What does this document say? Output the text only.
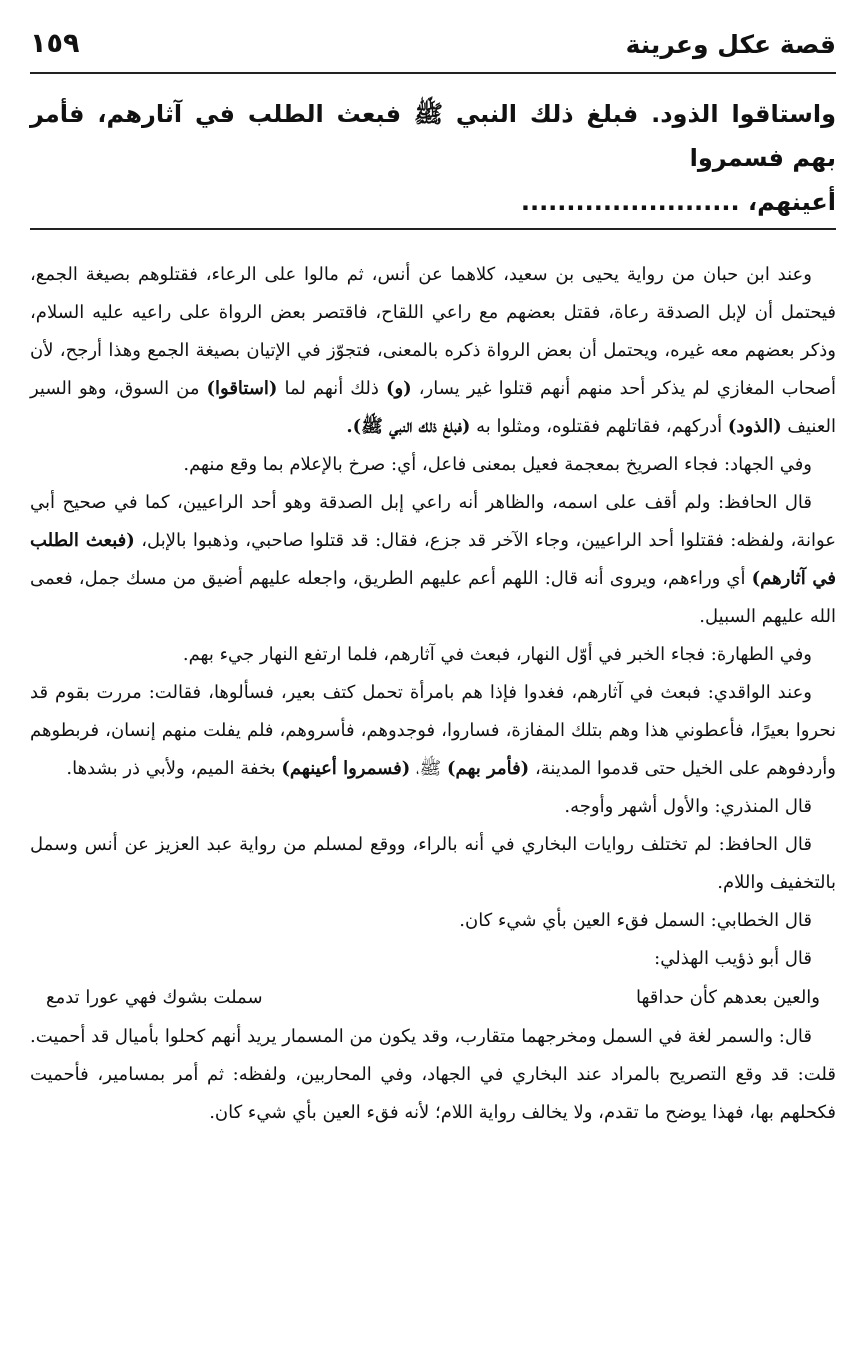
قصة عكل وعرينة
١٥٩
واستاقوا الذود. فبلغ ذلك النبي ﷺ فبعث الطلب في آثارهم، فأمر بهم فسمروا
أعينهم، ........................

وعند ابن حبان من رواية يحيى بن سعيد، كلاهما عن أنس، ثم مالوا على الرعاء، فقتلوهم بصيغة الجمع، فيحتمل أن لإبل الصدقة رعاة، فقتل بعضهم مع راعي اللقاح، فاقتصر بعض الرواة على راعيه عليه السلام، وذكر بعضهم معه غيره، ويحتمل أن بعض الرواة ذكره بالمعنى، فتجوّز في الإتيان بصيغة الجمع وهذا أرجح، لأن أصحاب المغازي لم يذكر أحد منهم أنهم قتلوا غير يسار، (و) ذلك أنهم لما (استاقوا) من السوق، وهو السير العنيف (الذود) أدركهم، فقاتلهم فقتلوه، ومثلوا به (فبلغ ذلك النبي ﷺ).

وفي الجهاد: فجاء الصريخ بمعجمة فعيل بمعنى فاعل، أي: صرخ بالإعلام بما وقع منهم.

قال الحافظ: ولم أقف على اسمه، والظاهر أنه راعي إبل الصدقة وهو أحد الراعيين، كما في صحيح أبي عوانة، ولفظه: فقتلوا أحد الراعيين، وجاء الآخر قد جزع، فقال: قد قتلوا صاحبي، وذهبوا بالإبل، (فبعث الطلب في آثارهم) أي وراءهم، ويروى أنه قال: اللهم أعم عليهم الطريق، واجعله عليهم أضيق من مسك جمل، فعمى الله عليهم السبيل.

وفي الطهارة: فجاء الخبر في أوّل النهار، فبعث في آثارهم، فلما ارتفع النهار جيء بهم.

وعند الواقدي: فبعث في آثارهم، فغدوا فإذا هم بامرأة تحمل كتف بعير، فسألوها، فقالت: مررت بقوم قد نحروا بعيرًا، فأعطوني هذا وهم بتلك المفازة، فساروا، فوجدوهم، فأسروهم، فلم يفلت منهم إنسان، فربطوهم وأردفوهم على الخيل حتى قدموا المدينة، (فأمر بهم) ﷺ، (فسمروا أعينهم) بخفة الميم، ولأبي ذر بشدها.

قال المنذري: والأول أشهر وأوجه.

قال الحافظ: لم تختلف روايات البخاري في أنه بالراء، ووقع لمسلم من رواية عبد العزيز عن أنس وسمل بالتخفيف واللام.

قال الخطابي: السمل فقء العين بأي شيء كان.

قال أبو ذؤيب الهذلي:

والعين بعدهم كأن حداقها
سملت بشوك فهي عورا تدمع

قال: والسمر لغة في السمل ومخرجهما متقارب، وقد يكون من المسمار يريد أنهم كحلوا بأميال قد أحميت. قلت: قد وقع التصريح بالمراد عند البخاري في الجهاد، وفي المحاربين، ولفظه: ثم أمر بمسامير، فأحميت فكحلهم بها، فهذا يوضح ما تقدم، ولا يخالف رواية اللام؛ لأنه فقء العين بأي شيء كان.
